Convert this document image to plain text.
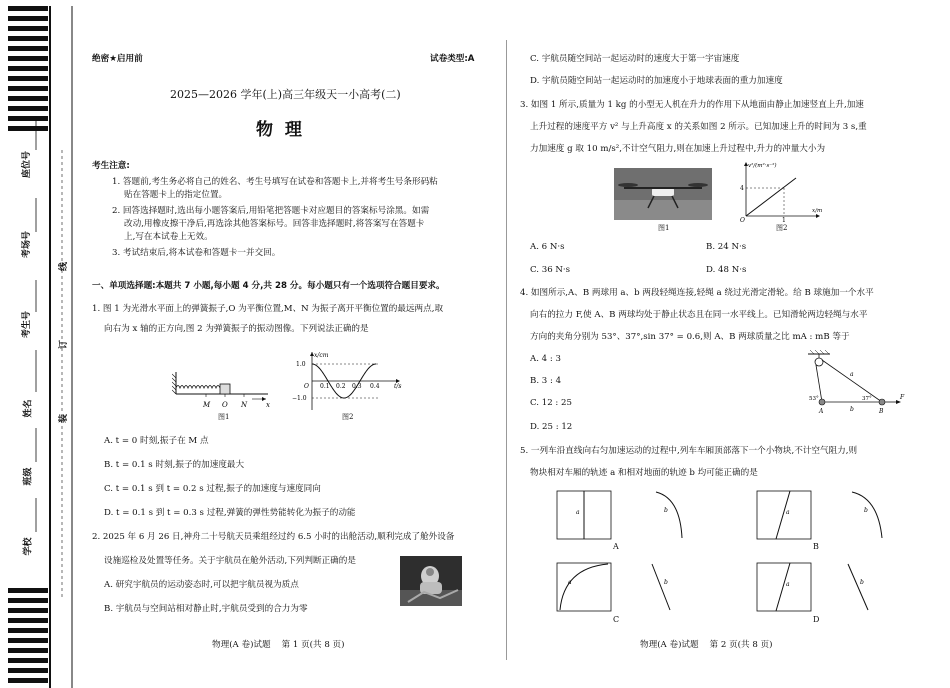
座位号
考场号
考生号
姓名
班级
学校
线
订
装
绝密★启用前	试卷类型:A
2025—2026 学年(上)高三年级天一小高考(二)
物  理
考生注意:
1. 答题前,考生务必将自己的姓名、考生号填写在试卷和答题卡上,并将考生号条形码粘
贴在答题卡上的指定位置。
2. 回答选择题时,选出每小题答案后,用铅笔把答题卡对应题目的答案标号涂黑。如需
改动,用橡皮擦干净后,再选涂其他答案标号。回答非选择题时,将答案写在答题卡
上,写在本试卷上无效。
3. 考试结束后,将本试卷和答题卡一并交回。
一、单项选择题:本题共 7 小题,每小题 4 分,共 28 分。每小题只有一个选项符合题目要求。
1. 图 1 为光滑水平面上的弹簧振子,O 为平衡位置,M、N 为振子离开平衡位置的最远两点,取
向右为 x 轴的正方向,图 2 为弹簧振子的振动图像。下列说法正确的是
M O N	x
图1
x/cm
t/s
1.0
−1.0
O 0.1 0.2 0.3 0.4
图2
A. t = 0 时刻,振子在 M 点
B. t = 0.1 s 时刻,振子的加速度最大
C. t = 0.1 s 到 t = 0.2 s 过程,振子的加速度与速度同向
D. t = 0.1 s 到 t = 0.3 s 过程,弹簧的弹性势能转化为振子的动能
2. 2025 年 6 月 26 日,神舟二十号航天员乘组经过约 6.5 小时的出舱活动,顺利完成了舱外设备
设施巡检及处置等任务。关于宇航员在舱外活动,下列判断正确的是
A. 研究宇航员的运动姿态时,可以把宇航员视为质点
B. 宇航员与空间站相对静止时,宇航员受到的合力为零
物理(A 卷)试题    第 1 页(共 8 页)
C. 宇航员随空间站一起运动时的速度大于第一宇宙速度
D. 宇航员随空间站一起运动时的加速度小于地球表面的重力加速度
3. 如图 1 所示,质量为 1 kg 的小型无人机在升力的作用下从地面由静止加速竖直上升,加速
上升过程的速度平方 v² 与上升高度 x 的关系如图 2 所示。已知加速上升的时间为 3 s,重
力加速度 g 取 10 m/s²,不计空气阻力,则在加速上升过程中,升力的冲量大小为
图1
v²/(m²·s⁻²)
x/m
4
1
O
图2
A. 6 N·s	B. 24 N·s
C. 36 N·s	D. 48 N·s
4. 如图所示,A、B 两球用 a、b 两段轻绳连接,轻绳 a 绕过光滑定滑轮。给 B 球施加一个水平
向右的拉力 F,使 A、B 两球均处于静止状态且在同一水平线上。已知滑轮两边轻绳与水平
方向的夹角分别为 53°、37°,sin 37° = 0.6,则 A、B 两球质量之比 mA : mB 等于
A. 4 : 3
B. 3 : 4
C. 12 : 25
D. 25 : 12
a
b
A	B
F
53°	37°
5. 一列车沿直线向右匀加速运动的过程中,列车车厢顶部落下一个小物块,不计空气阻力,则
物块相对车厢的轨迹 a 和相对地面的轨迹 b 均可能正确的是
a	b
A
a	b
B
a	b
C
a	b
D
物理(A 卷)试题    第 2 页(共 8 页)
